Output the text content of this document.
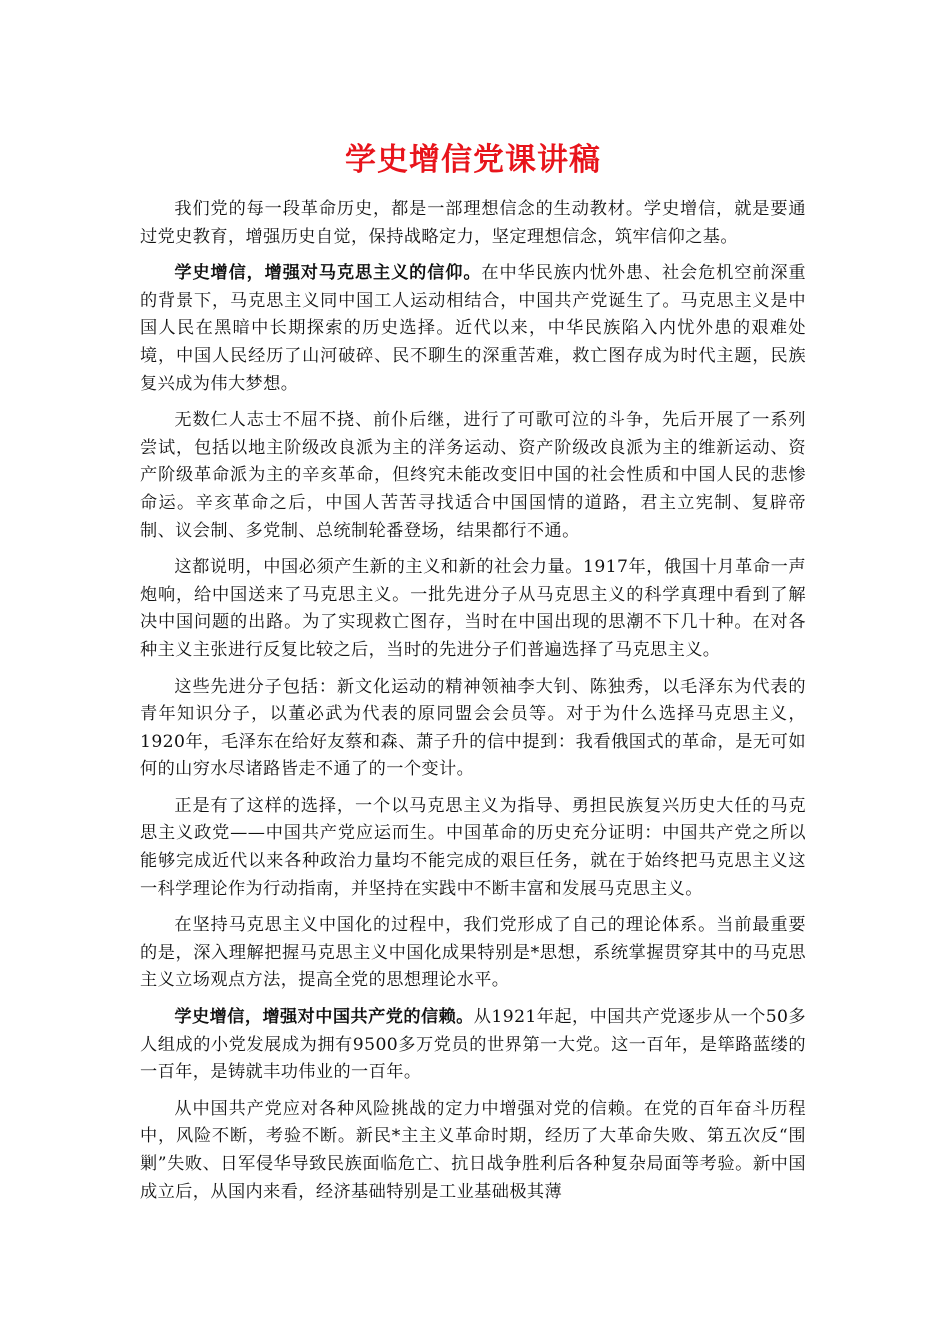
学史增信党课讲稿

我们党的每一段革命历史，都是一部理想信念的生动教材。学史增信，就是要通过党史教育，增强历史自觉，保持战略定力，坚定理想信念，筑牢信仰之基。

学史增信，增强对马克思主义的信仰。在中华民族内忧外患、社会危机空前深重的背景下，马克思主义同中国工人运动相结合，中国共产党诞生了。马克思主义是中国人民在黑暗中长期探索的历史选择。近代以来，中华民族陷入内忧外患的艰难处境，中国人民经历了山河破碎、民不聊生的深重苦难，救亡图存成为时代主题，民族复兴成为伟大梦想。

无数仁人志士不屈不挠、前仆后继，进行了可歌可泣的斗争，先后开展了一系列尝试，包括以地主阶级改良派为主的洋务运动、资产阶级改良派为主的维新运动、资产阶级革命派为主的辛亥革命，但终究未能改变旧中国的社会性质和中国人民的悲惨命运。辛亥革命之后，中国人苦苦寻找适合中国国情的道路，君主立宪制、复辟帝制、议会制、多党制、总统制轮番登场，结果都行不通。

这都说明，中国必须产生新的主义和新的社会力量。1917年，俄国十月革命一声炮响，给中国送来了马克思主义。一批先进分子从马克思主义的科学真理中看到了解决中国问题的出路。为了实现救亡图存，当时在中国出现的思潮不下几十种。在对各种主义主张进行反复比较之后，当时的先进分子们普遍选择了马克思主义。

这些先进分子包括：新文化运动的精神领袖李大钊、陈独秀，以毛泽东为代表的青年知识分子，以董必武为代表的原同盟会会员等。对于为什么选择马克思主义，1920年，毛泽东在给好友蔡和森、萧子升的信中提到：我看俄国式的革命，是无可如何的山穷水尽诸路皆走不通了的一个变计。

正是有了这样的选择，一个以马克思主义为指导、勇担民族复兴历史大任的马克思主义政党——中国共产党应运而生。中国革命的历史充分证明：中国共产党之所以能够完成近代以来各种政治力量均不能完成的艰巨任务，就在于始终把马克思主义这一科学理论作为行动指南，并坚持在实践中不断丰富和发展马克思主义。

在坚持马克思主义中国化的过程中，我们党形成了自己的理论体系。当前最重要的是，深入理解把握马克思主义中国化成果特别是*思想，系统掌握贯穿其中的马克思主义立场观点方法，提高全党的思想理论水平。

学史增信，增强对中国共产党的信赖。从1921年起，中国共产党逐步从一个50多人组成的小党发展成为拥有9500多万党员的世界第一大党。这一百年，是筚路蓝缕的一百年，是铸就丰功伟业的一百年。

从中国共产党应对各种风险挑战的定力中增强对党的信赖。在党的百年奋斗历程中，风险不断，考验不断。新民*主主义革命时期，经历了大革命失败、第五次反“围剿”失败、日军侵华导致民族面临危亡、抗日战争胜利后各种复杂局面等考验。新中国成立后，从国内来看，经济基础特别是工业基础极其薄
